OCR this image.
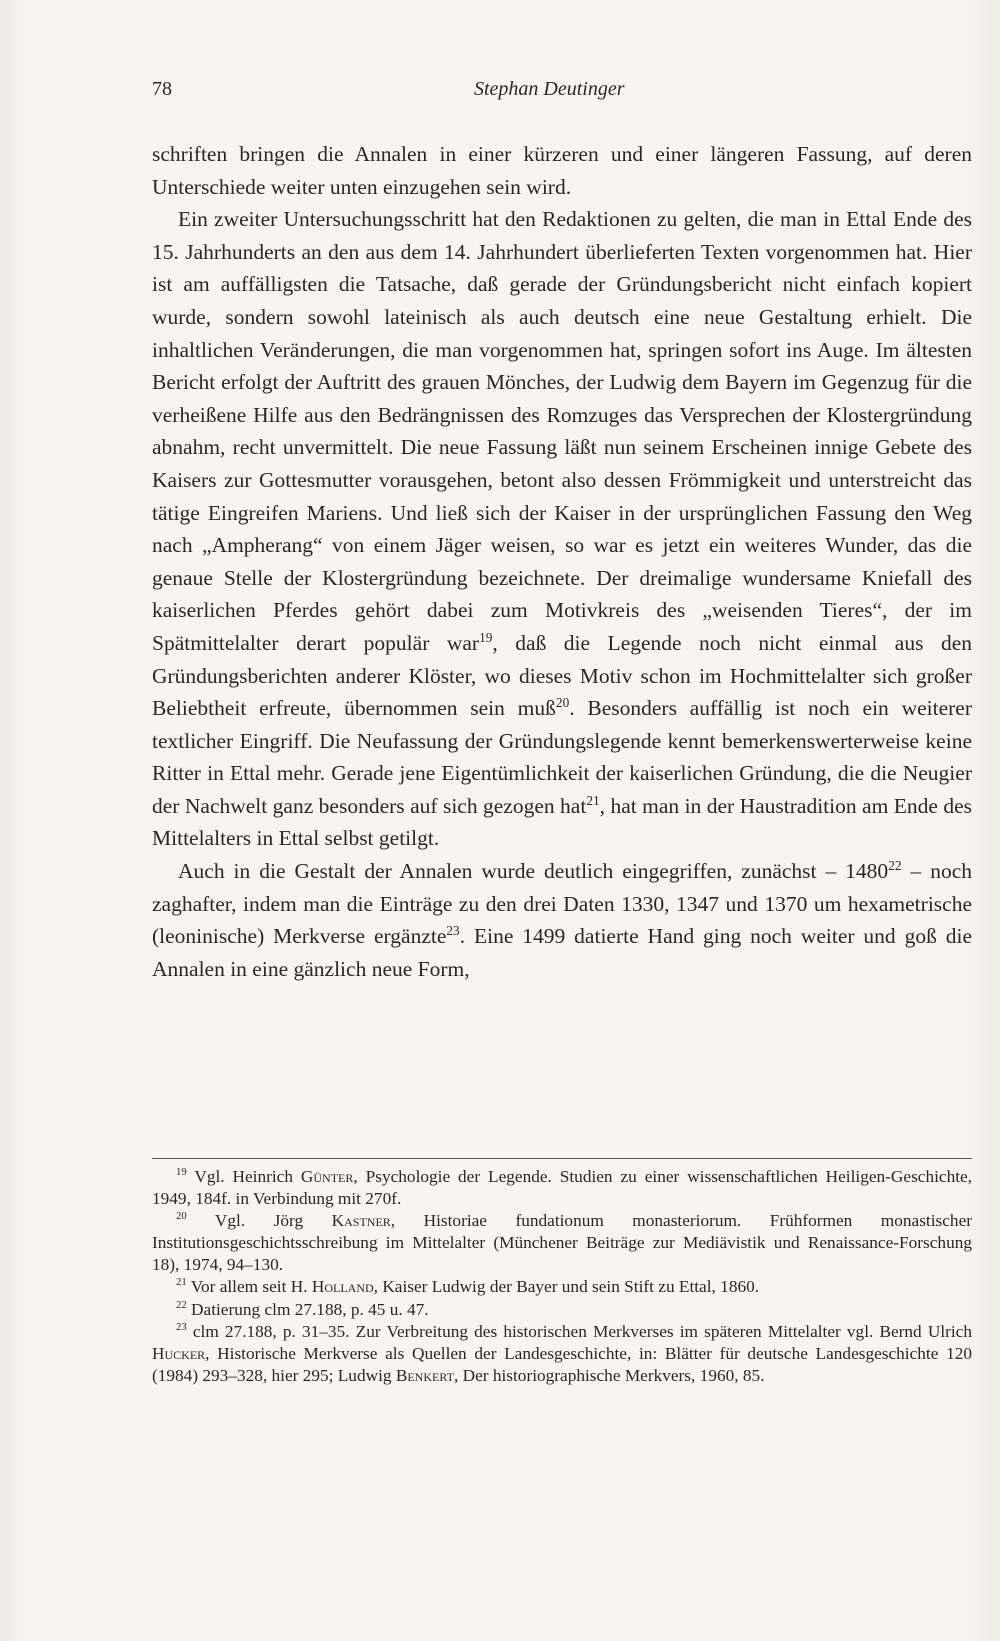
78	Stephan Deutinger

schriften bringen die Annalen in einer kürzeren und einer längeren Fassung, auf deren Unterschiede weiter unten einzugehen sein wird.

Ein zweiter Untersuchungsschritt hat den Redaktionen zu gelten, die man in Ettal Ende des 15. Jahrhunderts an den aus dem 14. Jahrhundert überlieferten Texten vorgenommen hat. Hier ist am auffälligsten die Tatsache, daß gerade der Gründungsbericht nicht einfach kopiert wurde, sondern sowohl lateinisch als auch deutsch eine neue Gestaltung erhielt. Die inhaltlichen Veränderungen, die man vorgenommen hat, springen sofort ins Auge. Im ältesten Bericht erfolgt der Auftritt des grauen Mönches, der Ludwig dem Bayern im Gegenzug für die verheißene Hilfe aus den Bedrängnissen des Romzuges das Versprechen der Klostergründung abnahm, recht unvermittelt. Die neue Fassung läßt nun seinem Erscheinen innige Gebete des Kaisers zur Gottesmutter vorausgehen, betont also dessen Frömmigkeit und unterstreicht das tätige Eingreifen Mariens. Und ließ sich der Kaiser in der ursprünglichen Fassung den Weg nach „Ampherang“ von einem Jäger weisen, so war es jetzt ein weiteres Wunder, das die genaue Stelle der Klostergründung bezeichnete. Der dreimalige wundersame Kniefall des kaiserlichen Pferdes gehört dabei zum Motivkreis des „weisenden Tieres“, der im Spätmittelalter derart populär war$^{19}$, daß die Legende noch nicht einmal aus den Gründungsberichten anderer Klöster, wo dieses Motiv schon im Hochmittelalter sich großer Beliebtheit erfreute, übernommen sein muß$^{20}$. Besonders auffällig ist noch ein weiterer textlicher Eingriff. Die Neufassung der Gründungslegende kennt bemerkenswerterweise keine Ritter in Ettal mehr. Gerade jene Eigentümlichkeit der kaiserlichen Gründung, die die Neugier der Nachwelt ganz besonders auf sich gezogen hat$^{21}$, hat man in der Haustradition am Ende des Mittelalters in Ettal selbst getilgt.

Auch in die Gestalt der Annalen wurde deutlich eingegriffen, zunächst – 1480$^{22}$ – noch zaghafter, indem man die Einträge zu den drei Daten 1330, 1347 und 1370 um hexametrische (leoninische) Merkverse ergänzte$^{23}$. Eine 1499 datierte Hand ging noch weiter und goß die Annalen in eine gänzlich neue Form,

$^{19}$ Vgl. Heinrich Günter, Psychologie der Legende. Studien zu einer wissenschaftlichen Heiligen-Geschichte, 1949, 184f. in Verbindung mit 270f.

$^{20}$ Vgl. Jörg Kastner, Historiae fundationum monasteriorum. Frühformen monastischer Institutionsgeschichtsschreibung im Mittelalter (Münchener Beiträge zur Mediävistik und Renaissance-Forschung 18), 1974, 94–130.

$^{21}$ Vor allem seit H. Holland, Kaiser Ludwig der Bayer und sein Stift zu Ettal, 1860.

$^{22}$ Datierung clm 27.188, p. 45 u. 47.

$^{23}$ clm 27.188, p. 31–35. Zur Verbreitung des historischen Merkverses im späteren Mittelalter vgl. Bernd Ulrich Hucker, Historische Merkverse als Quellen der Landesgeschichte, in: Blätter für deutsche Landesgeschichte 120 (1984) 293–328, hier 295; Ludwig Benkert, Der historiographische Merkvers, 1960, 85.
